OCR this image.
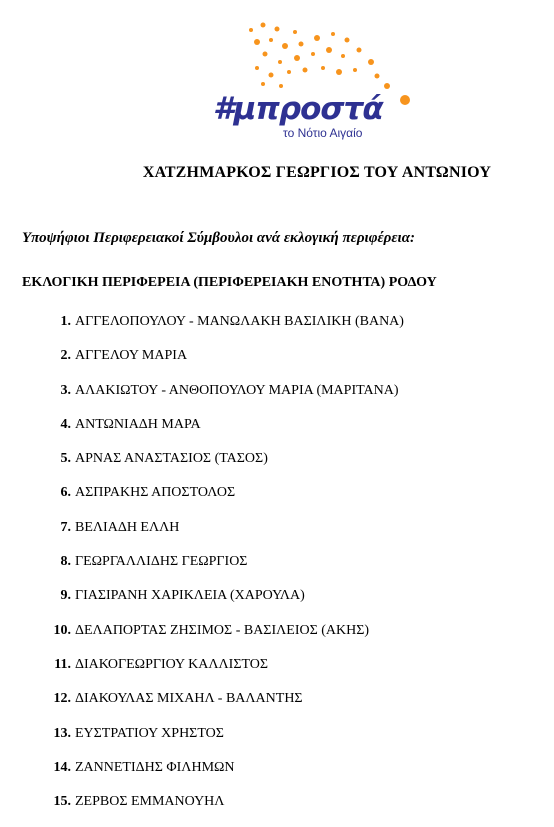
#μπροστά
το Νότιο Αιγαίο
ΧΑΤΖΗΜΑΡΚΟΣ ΓΕΩΡΓΙΟΣ ΤΟΥ ΑΝΤΩΝΙΟΥ
Υποψήφιοι Περιφερειακοί Σύμβουλοι ανά εκλογική περιφέρεια:
ΕΚΛΟΓΙΚΗ ΠΕΡΙΦΕΡΕΙΑ (ΠΕΡΙΦΕΡΕΙΑΚΗ ΕΝΟΤΗΤΑ) ΡΟΔΟΥ
1. ΑΓΓΕΛΟΠΟΥΛΟΥ - ΜΑΝΩΛΑΚΗ ΒΑΣΙΛΙΚΗ (ΒΑΝΑ)
2. ΑΓΓΕΛΟΥ ΜΑΡΙΑ
3. ΑΛΑΚΙΩΤΟΥ - ΑΝΘΟΠΟΥΛΟΥ ΜΑΡΙΑ (ΜΑΡΙΤΑΝΑ)
4. ΑΝΤΩΝΙΑΔΗ ΜΑΡΑ
5. ΑΡΝΑΣ ΑΝΑΣΤΑΣΙΟΣ (ΤΑΣΟΣ)
6. ΑΣΠΡΑΚΗΣ ΑΠΟΣΤΟΛΟΣ
7. ΒΕΛΙΑΔΗ ΕΛΛΗ
8. ΓΕΩΡΓΑΛΛΙΔΗΣ ΓΕΩΡΓΙΟΣ
9. ΓΙΑΣΙΡΑΝΗ ΧΑΡΙΚΛΕΙΑ (ΧΑΡΟΥΛΑ)
10. ΔΕΛΑΠΟΡΤΑΣ ΖΗΣΙΜΟΣ - ΒΑΣΙΛΕΙΟΣ (ΑΚΗΣ)
11. ΔΙΑΚΟΓΕΩΡΓΙΟΥ ΚΑΛΛΙΣΤΟΣ
12. ΔΙΑΚΟΥΛΑΣ ΜΙΧΑΗΛ - ΒΑΛΑΝΤΗΣ
13. ΕΥΣΤΡΑΤΙΟΥ ΧΡΗΣΤΟΣ
14. ΖΑΝΝΕΤΙΔΗΣ ΦΙΛΗΜΩΝ
15. ΖΕΡΒΟΣ ΕΜΜΑΝΟΥΗΛ
